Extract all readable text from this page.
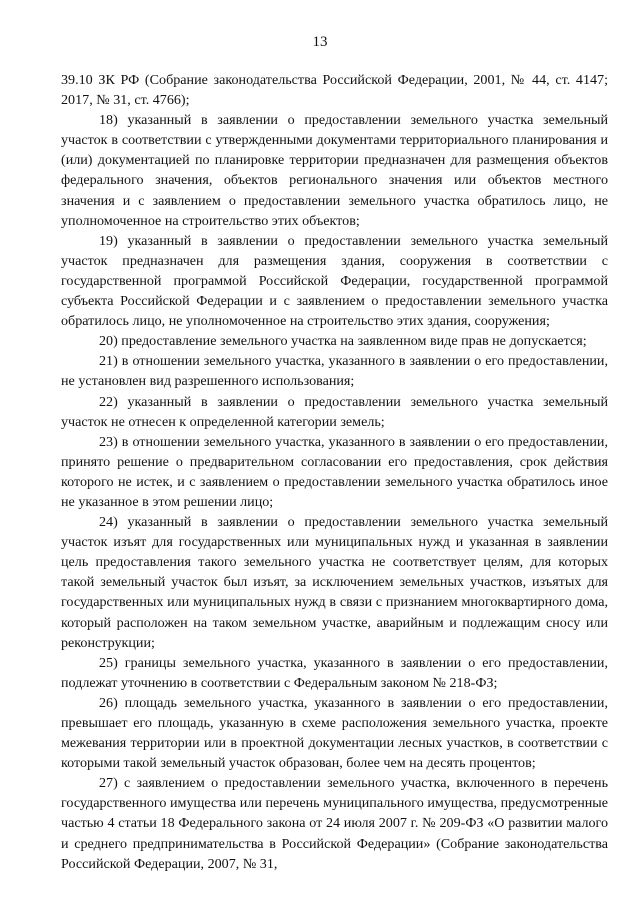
13

39.10 ЗК РФ (Собрание законодательства Российской Федерации, 2001, № 44, ст. 4147; 2017, № 31, ст. 4766);

18) указанный в заявлении о предоставлении земельного участка земельный участок в соответствии с утвержденными документами территориального планирования и (или) документацией по планировке территории предназначен для размещения объектов федерального значения, объектов регионального значения или объектов местного значения и с заявлением о предоставлении земельного участка обратилось лицо, не уполномоченное на строительство этих объектов;

19) указанный в заявлении о предоставлении земельного участка земельный участок предназначен для размещения здания, сооружения в соответствии с государственной программой Российской Федерации, государственной программой субъекта Российской Федерации и с заявлением о предоставлении земельного участка обратилось лицо, не уполномоченное на строительство этих здания, сооружения;

20) предоставление земельного участка на заявленном виде прав не допускается;

21) в отношении земельного участка, указанного в заявлении о его предоставлении, не установлен вид разрешенного использования;

22) указанный в заявлении о предоставлении земельного участка земельный участок не отнесен к определенной категории земель;

23) в отношении земельного участка, указанного в заявлении о его предоставлении, принято решение о предварительном согласовании его предоставления, срок действия которого не истек, и с заявлением о предоставлении земельного участка обратилось иное не указанное в этом решении лицо;

24) указанный в заявлении о предоставлении земельного участка земельный участок изъят для государственных или муниципальных нужд и указанная в заявлении цель предоставления такого земельного участка не соответствует целям, для которых такой земельный участок был изъят, за исключением земельных участков, изъятых для государственных или муниципальных нужд в связи с признанием многоквартирного дома, который расположен на таком земельном участке, аварийным и подлежащим сносу или реконструкции;

25) границы земельного участка, указанного в заявлении о его предоставлении, подлежат уточнению в соответствии с Федеральным законом № 218-ФЗ;

26) площадь земельного участка, указанного в заявлении о его предоставлении, превышает его площадь, указанную в схеме расположения земельного участка, проекте межевания территории или в проектной документации лесных участков, в соответствии с которыми такой земельный участок образован, более чем на десять процентов;

27) с заявлением о предоставлении земельного участка, включенного в перечень государственного имущества или перечень муниципального имущества, предусмотренные частью 4 статьи 18 Федерального закона от 24 июля 2007 г. № 209-ФЗ «О развитии малого и среднего предпринимательства в Российской Федерации» (Собрание законодательства Российской Федерации, 2007, № 31,
